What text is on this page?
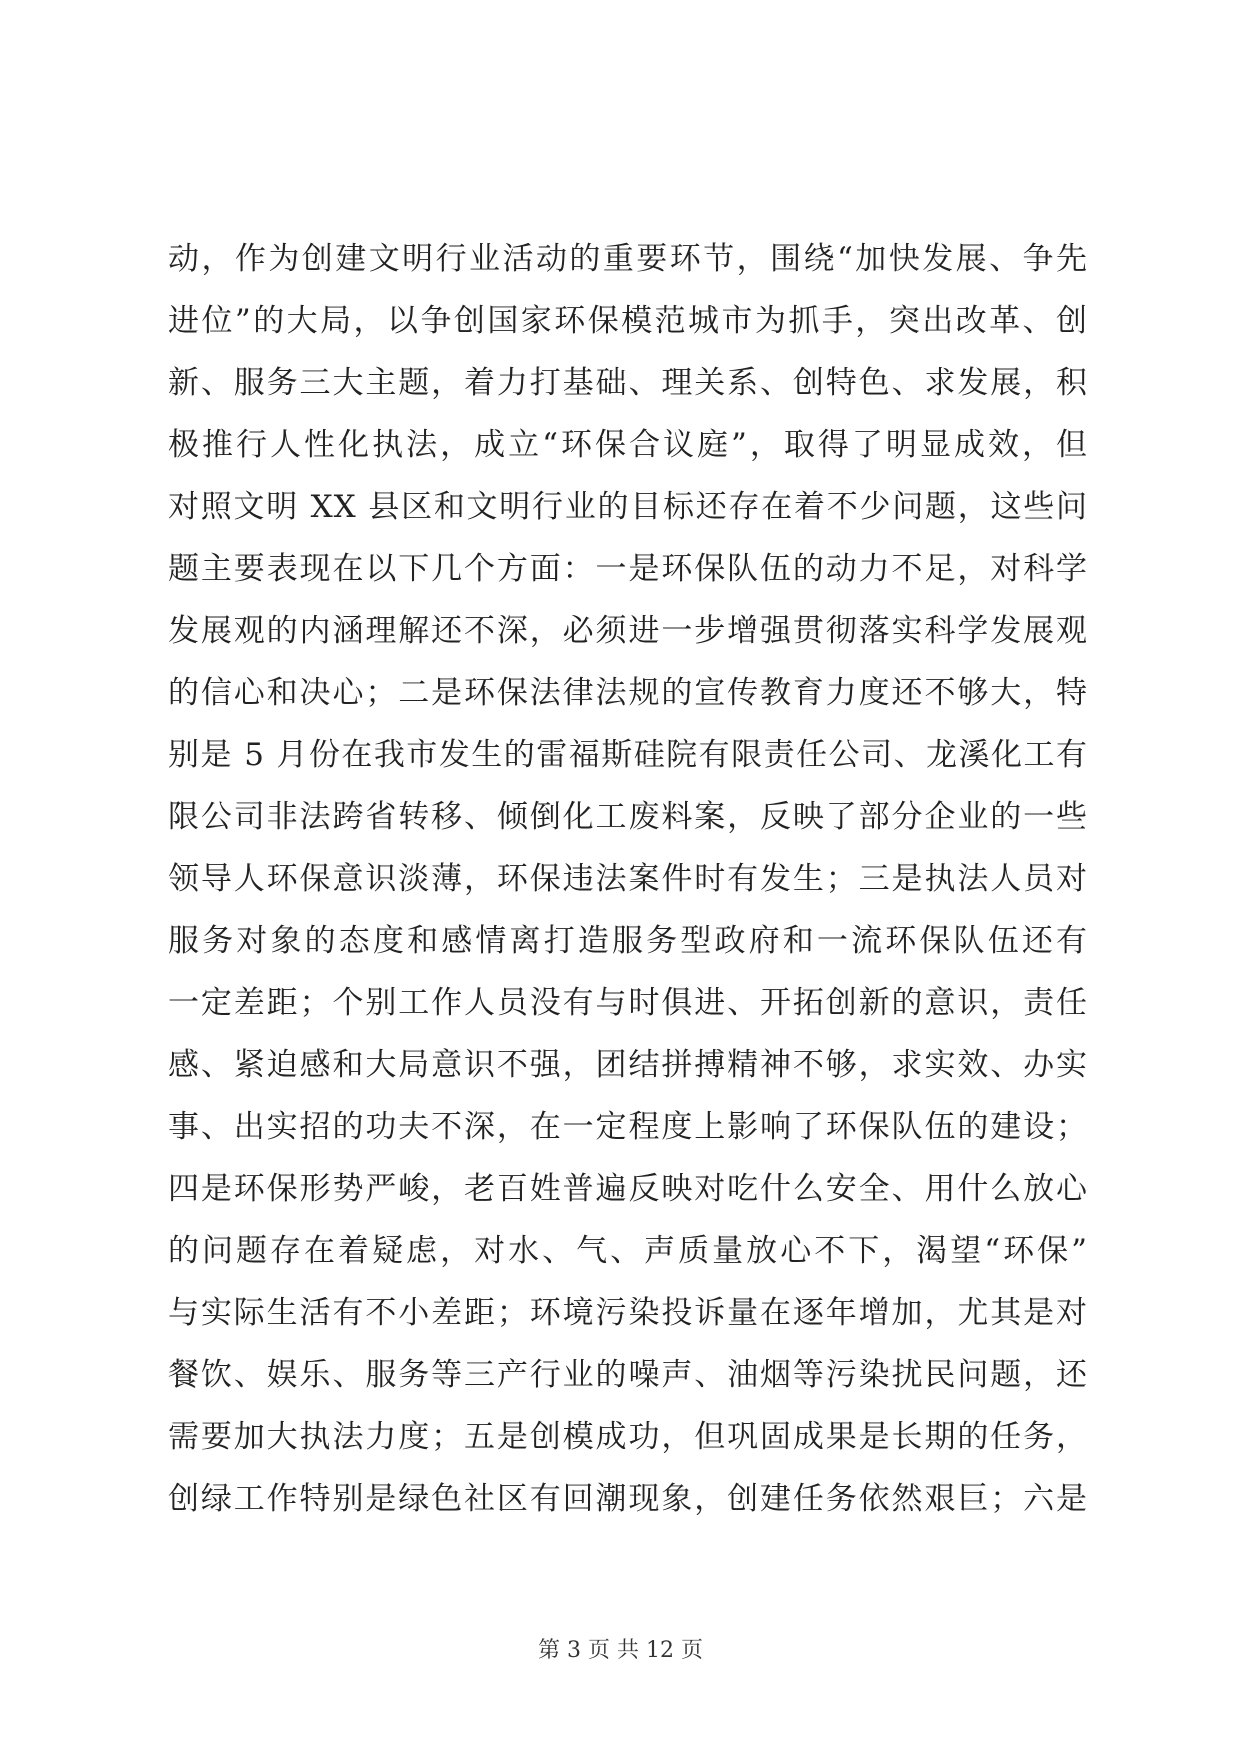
动，作为创建文明行业活动的重要环节，围绕“加快发展、争先
进位”的大局，以争创国家环保模范城市为抓手，突出改革、创
新、服务三大主题，着力打基础、理关系、创特色、求发展，积
极推行人性化执法，成立“环保合议庭”，取得了明显成效，但
对照文明 XX 县区和文明行业的目标还存在着不少问题，这些问
题主要表现在以下几个方面：一是环保队伍的动力不足，对科学
发展观的内涵理解还不深，必须进一步增强贯彻落实科学发展观
的信心和决心；二是环保法律法规的宣传教育力度还不够大，特
别是 5 月份在我市发生的雷福斯硅院有限责任公司、龙溪化工有
限公司非法跨省转移、倾倒化工废料案，反映了部分企业的一些
领导人环保意识淡薄，环保违法案件时有发生；三是执法人员对
服务对象的态度和感情离打造服务型政府和一流环保队伍还有
一定差距；个别工作人员没有与时俱进、开拓创新的意识，责任
感、紧迫感和大局意识不强，团结拼搏精神不够，求实效、办实
事、出实招的功夫不深，在一定程度上影响了环保队伍的建设；
四是环保形势严峻，老百姓普遍反映对吃什么安全、用什么放心
的问题存在着疑虑，对水、气、声质量放心不下，渴望“环保”
与实际生活有不小差距；环境污染投诉量在逐年增加，尤其是对
餐饮、娱乐、服务等三产行业的噪声、油烟等污染扰民问题，还
需要加大执法力度；五是创模成功，但巩固成果是长期的任务，
创绿工作特别是绿色社区有回潮现象，创建任务依然艰巨；六是
第 3 页 共 12 页
